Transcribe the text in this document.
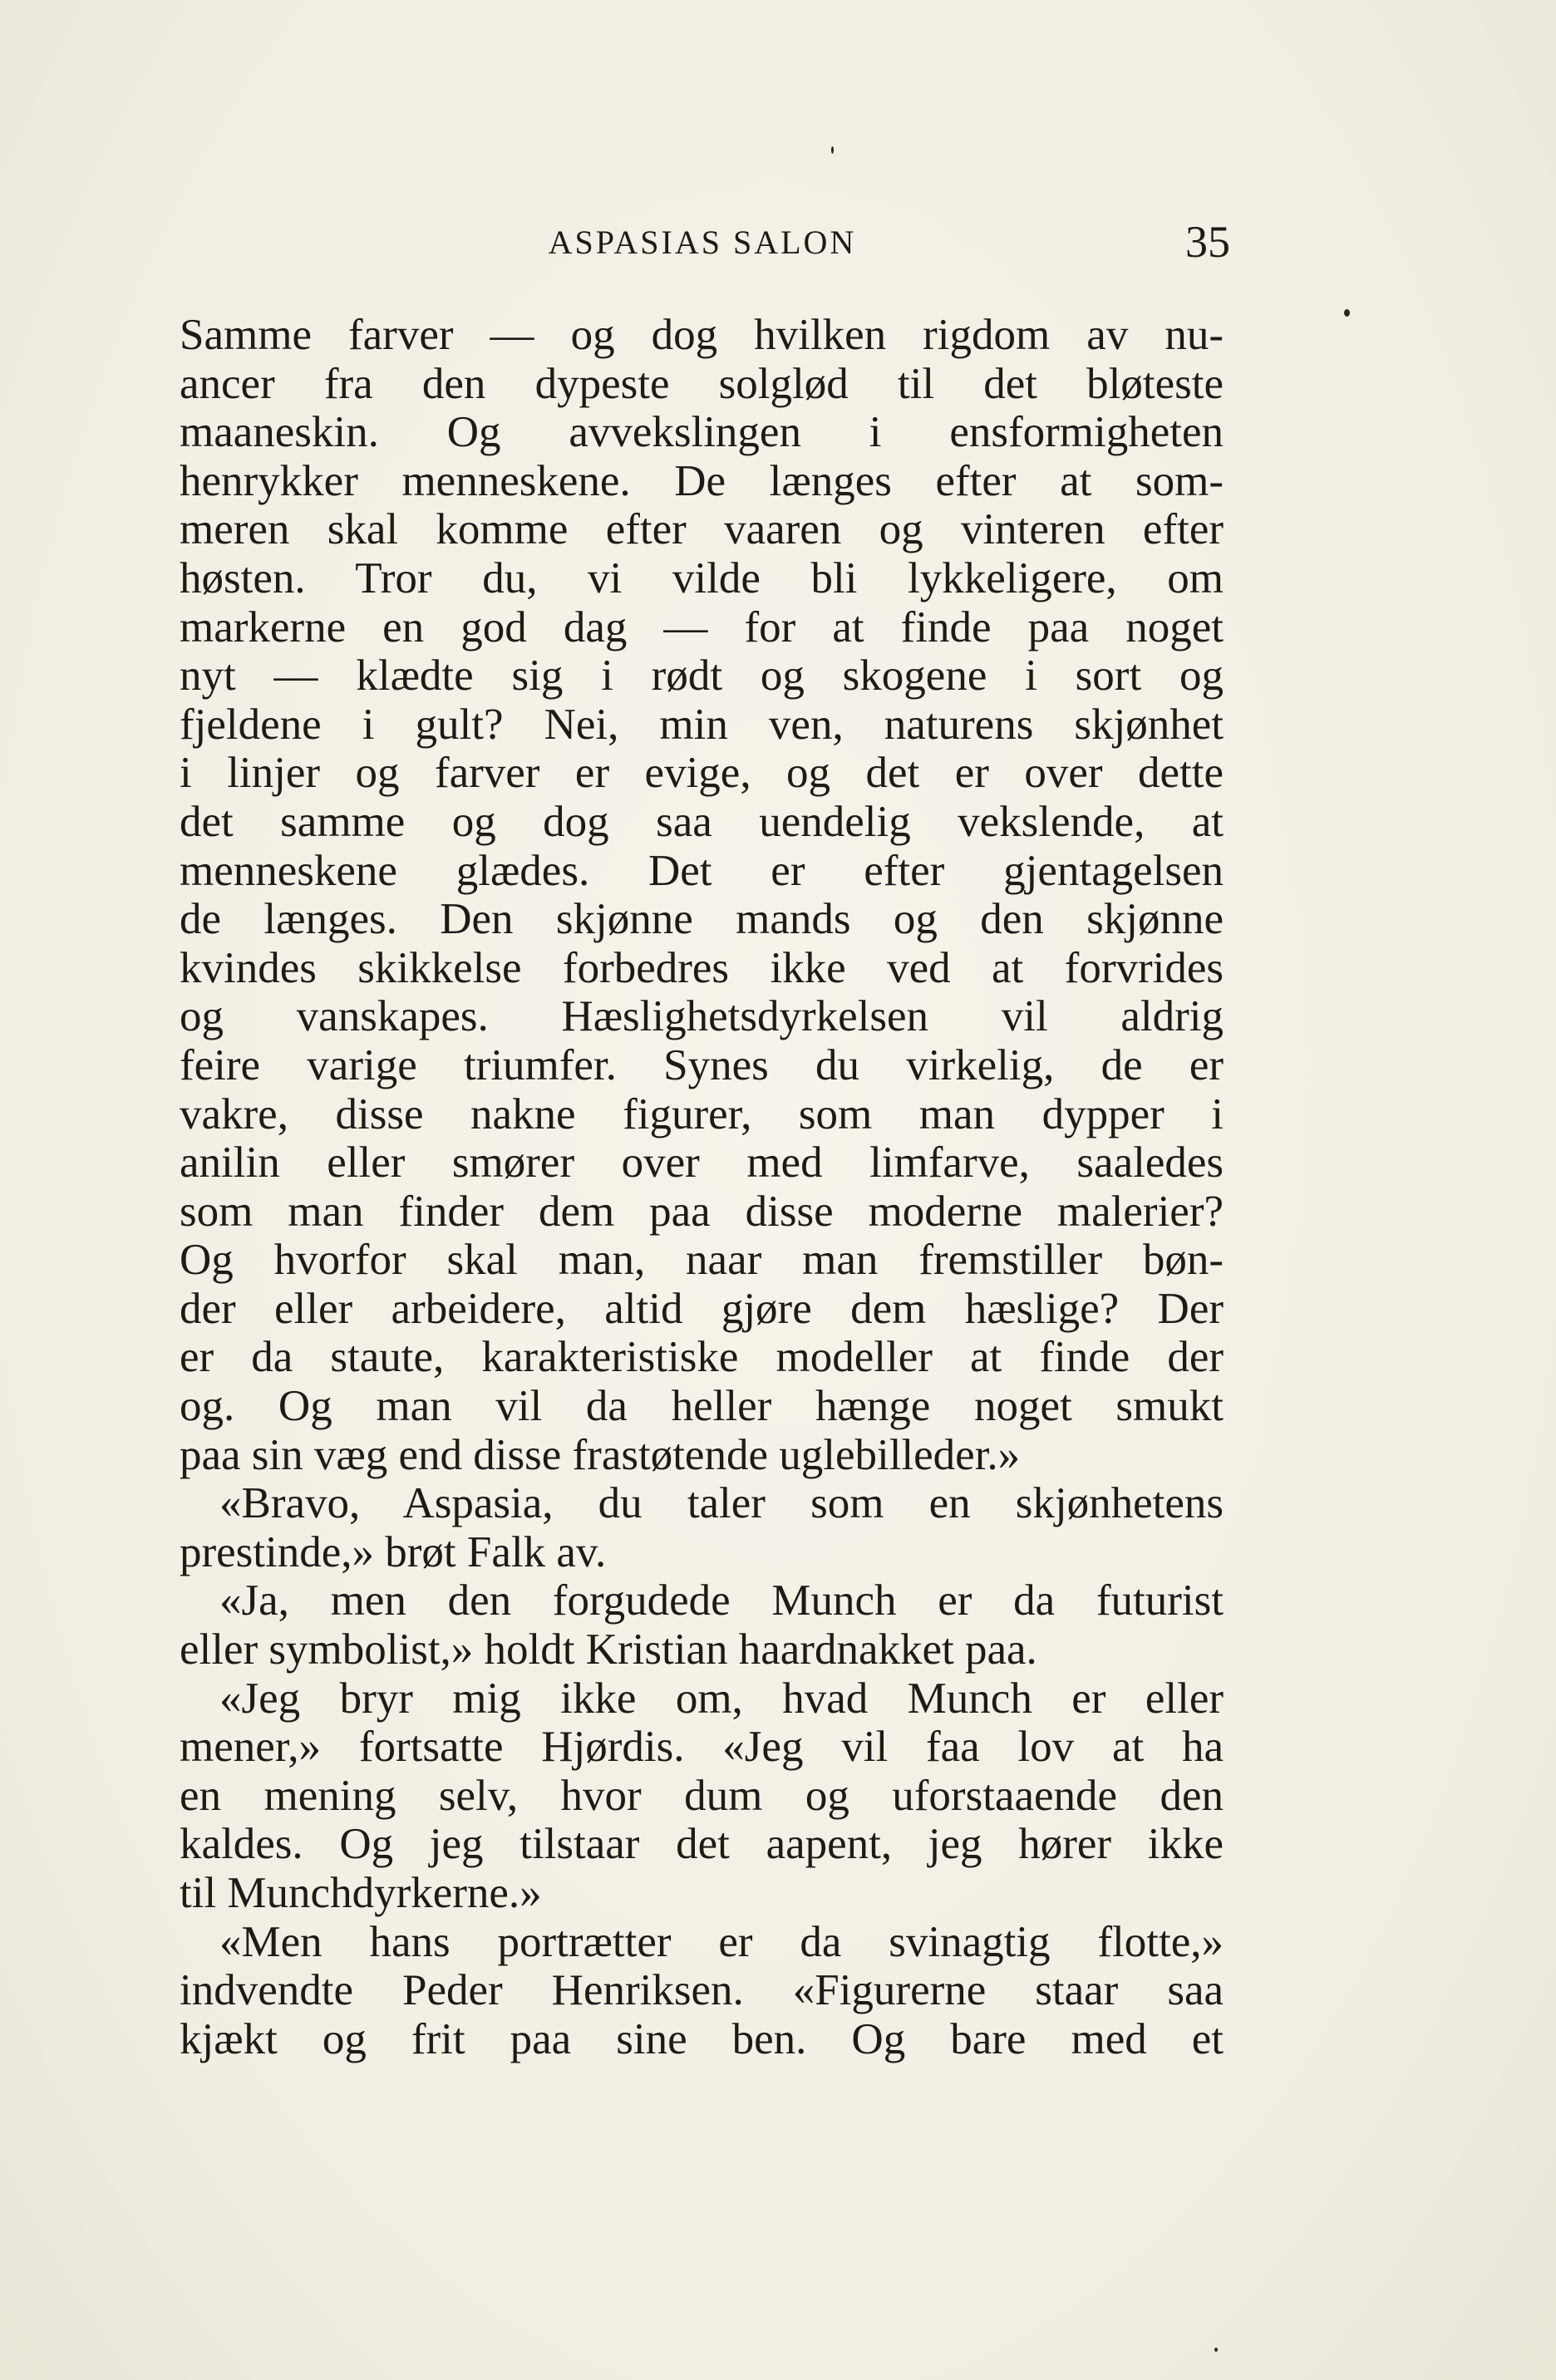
ASPASIAS SALON	35
Samme farver — og dog hvilken rigdom av nu-
ancer fra den dypeste solglød til det bløteste
maaneskin. Og avvekslingen i ensformigheten
henrykker menneskene. De længes efter at som-
meren skal komme efter vaaren og vinteren efter
høsten. Tror du, vi vilde bli lykkeligere, om
markerne en god dag — for at finde paa noget
nyt — klædte sig i rødt og skogene i sort og
fjeldene i gult? Nei, min ven, naturens skjønhet
i linjer og farver er evige, og det er over dette
det samme og dog saa uendelig vekslende, at
menneskene glædes. Det er efter gjentagelsen
de længes. Den skjønne mands og den skjønne
kvindes skikkelse forbedres ikke ved at forvrides
og vanskapes. Hæslighetsdyrkelsen vil aldrig
feire varige triumfer. Synes du virkelig, de er
vakre, disse nakne figurer, som man dypper i
anilin eller smører over med limfarve, saaledes
som man finder dem paa disse moderne malerier?
Og hvorfor skal man, naar man fremstiller bøn-
der eller arbeidere, altid gjøre dem hæslige? Der
er da staute, karakteristiske modeller at finde der
og. Og man vil da heller hænge noget smukt
paa sin væg end disse frastøtende uglebilleder.»
«Bravo, Aspasia, du taler som en skjønhetens
prestinde,» brøt Falk av.
«Ja, men den forgudede Munch er da futurist
eller symbolist,» holdt Kristian haardnakket paa.
«Jeg bryr mig ikke om, hvad Munch er eller
mener,» fortsatte Hjørdis. «Jeg vil faa lov at ha
en mening selv, hvor dum og uforstaaende den
kaldes. Og jeg tilstaar det aapent, jeg hører ikke
til Munchdyrkerne.»
«Men hans portrætter er da svinagtig flotte,»
indvendte Peder Henriksen. «Figurerne staar saa
kjækt og frit paa sine ben. Og bare med et
